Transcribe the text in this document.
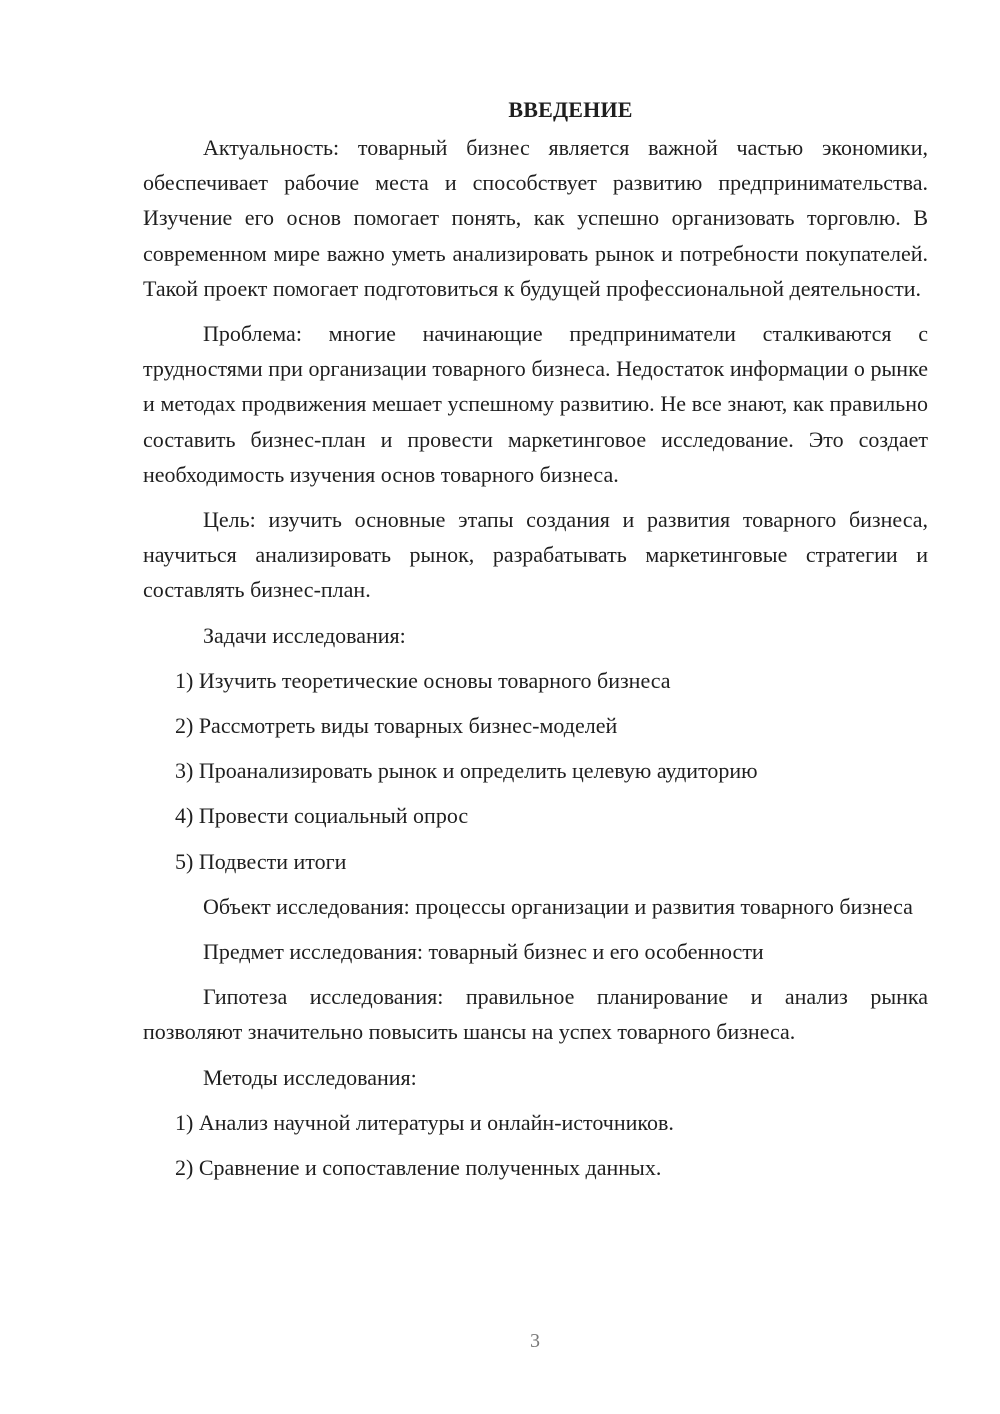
ВВЕДЕНИЕ

Актуальность: товарный бизнес является важной частью экономики, обеспечивает рабочие места и способствует развитию предпринимательства. Изучение его основ помогает понять, как успешно организовать торговлю. В современном мире важно уметь анализировать рынок и потребности покупателей. Такой проект помогает подготовиться к будущей профессиональной деятельности.

Проблема: многие начинающие предприниматели сталкиваются с трудностями при организации товарного бизнеса. Недостаток информации о рынке и методах продвижения мешает успешному развитию. Не все знают, как правильно составить бизнес-план и провести маркетинговое исследование. Это создает необходимость изучения основ товарного бизнеса.

Цель: изучить основные этапы создания и развития товарного бизнеса, научиться анализировать рынок, разрабатывать маркетинговые стратегии и составлять бизнес-план.

Задачи исследования:

1) Изучить теоретические основы товарного бизнеса
2) Рассмотреть виды товарных бизнес-моделей
3) Проанализировать рынок и определить целевую аудиторию
4) Провести социальный опрос
5) Подвести итоги

Объект исследования: процессы организации и развития товарного бизнеса

Предмет исследования: товарный бизнес и его особенности

Гипотеза исследования: правильное планирование и анализ рынка позволяют значительно повысить шансы на успех товарного бизнеса.

Методы исследования:

1) Анализ научной литературы и онлайн-источников.
2) Сравнение и сопоставление полученных данных.
3
